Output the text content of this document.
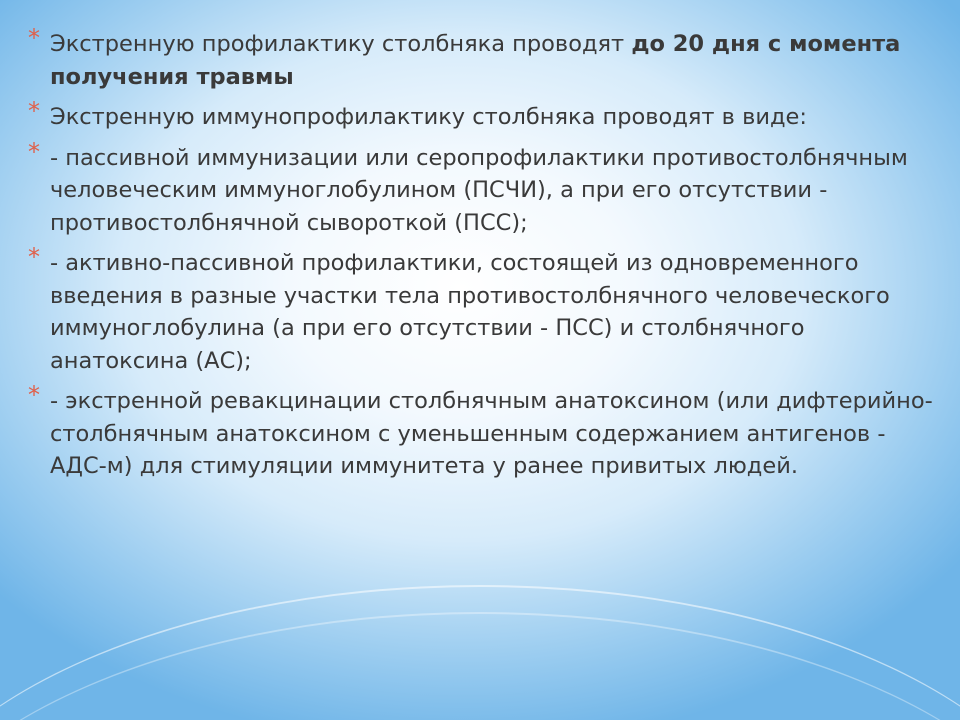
* Экстренную профилактику столбняка проводят до 20 дня с момента получения травмы
* Экстренную иммунопрофилактику столбняка проводят в виде:
* - пассивной иммунизации или серопрофилактики противостолбнячным человеческим иммуноглобулином (ПСЧИ), а при его отсутствии - противостолбнячной сывороткой (ПСС);
* - активно-пассивной профилактики, состоящей из одновременного введения в разные участки тела противостолбнячного человеческого иммуноглобулина (а при его отсутствии - ПСС) и столбнячного анатоксина (АС);
* - экстренной ревакцинации столбнячным анатоксином (или дифтерийно-столбнячным анатоксином с уменьшенным содержанием антигенов - АДС-м) для стимуляции иммунитета у ранее привитых людей.
